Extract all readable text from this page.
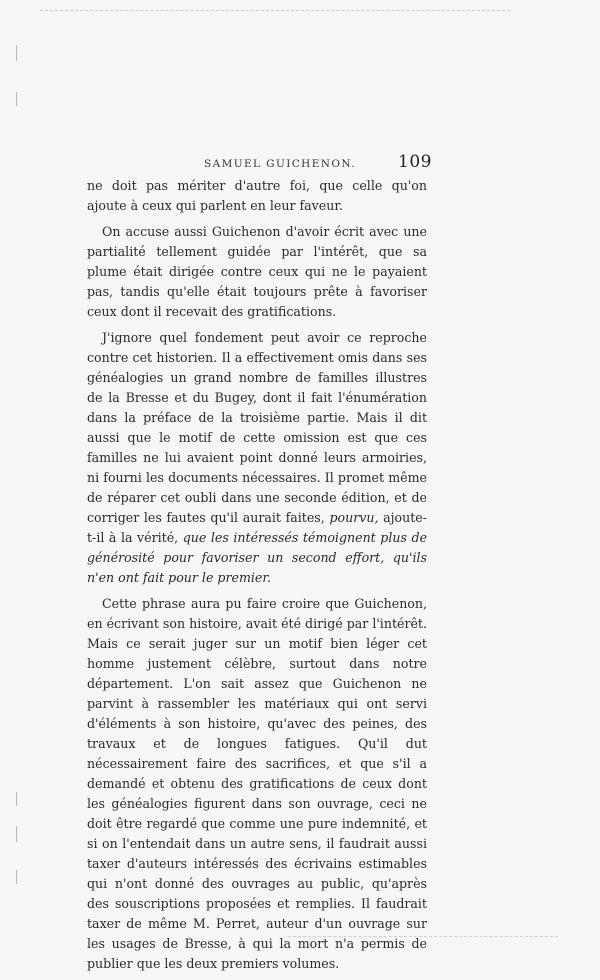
SAMUEL GUICHENON. 109

ne doit pas mériter d'autre foi, que celle qu'on ajoute à ceux qui parlent en leur faveur.

On accuse aussi Guichenon d'avoir écrit avec une partialité tellement guidée par l'intérêt, que sa plume était dirigée contre ceux qui ne le payaient pas, tandis qu'elle était toujours prête à favoriser ceux dont il recevait des gratifications.

J'ignore quel fondement peut avoir ce reproche contre cet historien. Il a effectivement omis dans ses généalogies un grand nombre de familles illustres de la Bresse et du Bugey, dont il fait l'énumération dans la préface de la troisième partie. Mais il dit aussi que le motif de cette omission est que ces familles ne lui avaient point donné leurs armoiries, ni fourni les documents nécessaires. Il promet même de réparer cet oubli dans une seconde édition, et de corriger les fautes qu'il aurait faites, pourvu, ajoute-t-il à la vérité, que les intéressés témoignent plus de générosité pour favoriser un second effort, qu'ils n'en ont fait pour le premier.

Cette phrase aura pu faire croire que Guichenon, en écrivant son histoire, avait été dirigé par l'intérêt. Mais ce serait juger sur un motif bien léger cet homme justement célèbre, surtout dans notre département. L'on sait assez que Guichenon ne parvint à rassembler les matériaux qui ont servi d'éléments à son histoire, qu'avec des peines, des travaux et de longues fatigues. Qu'il dut nécessairement faire des sacrifices, et que s'il a demandé et obtenu des gratifications de ceux dont les généalogies figurent dans son ouvrage, ceci ne doit être regardé que comme une pure indemnité, et si on l'entendait dans un autre sens, il faudrait aussi taxer d'auteurs intéressés des écrivains estimables qui n'ont donné des ouvrages au public, qu'après des souscriptions proposées et remplies. Il faudrait taxer de même M. Perret, auteur d'un ouvrage sur les usages de Bresse, à qui la mort n'a permis de publier que les deux premiers volumes.
